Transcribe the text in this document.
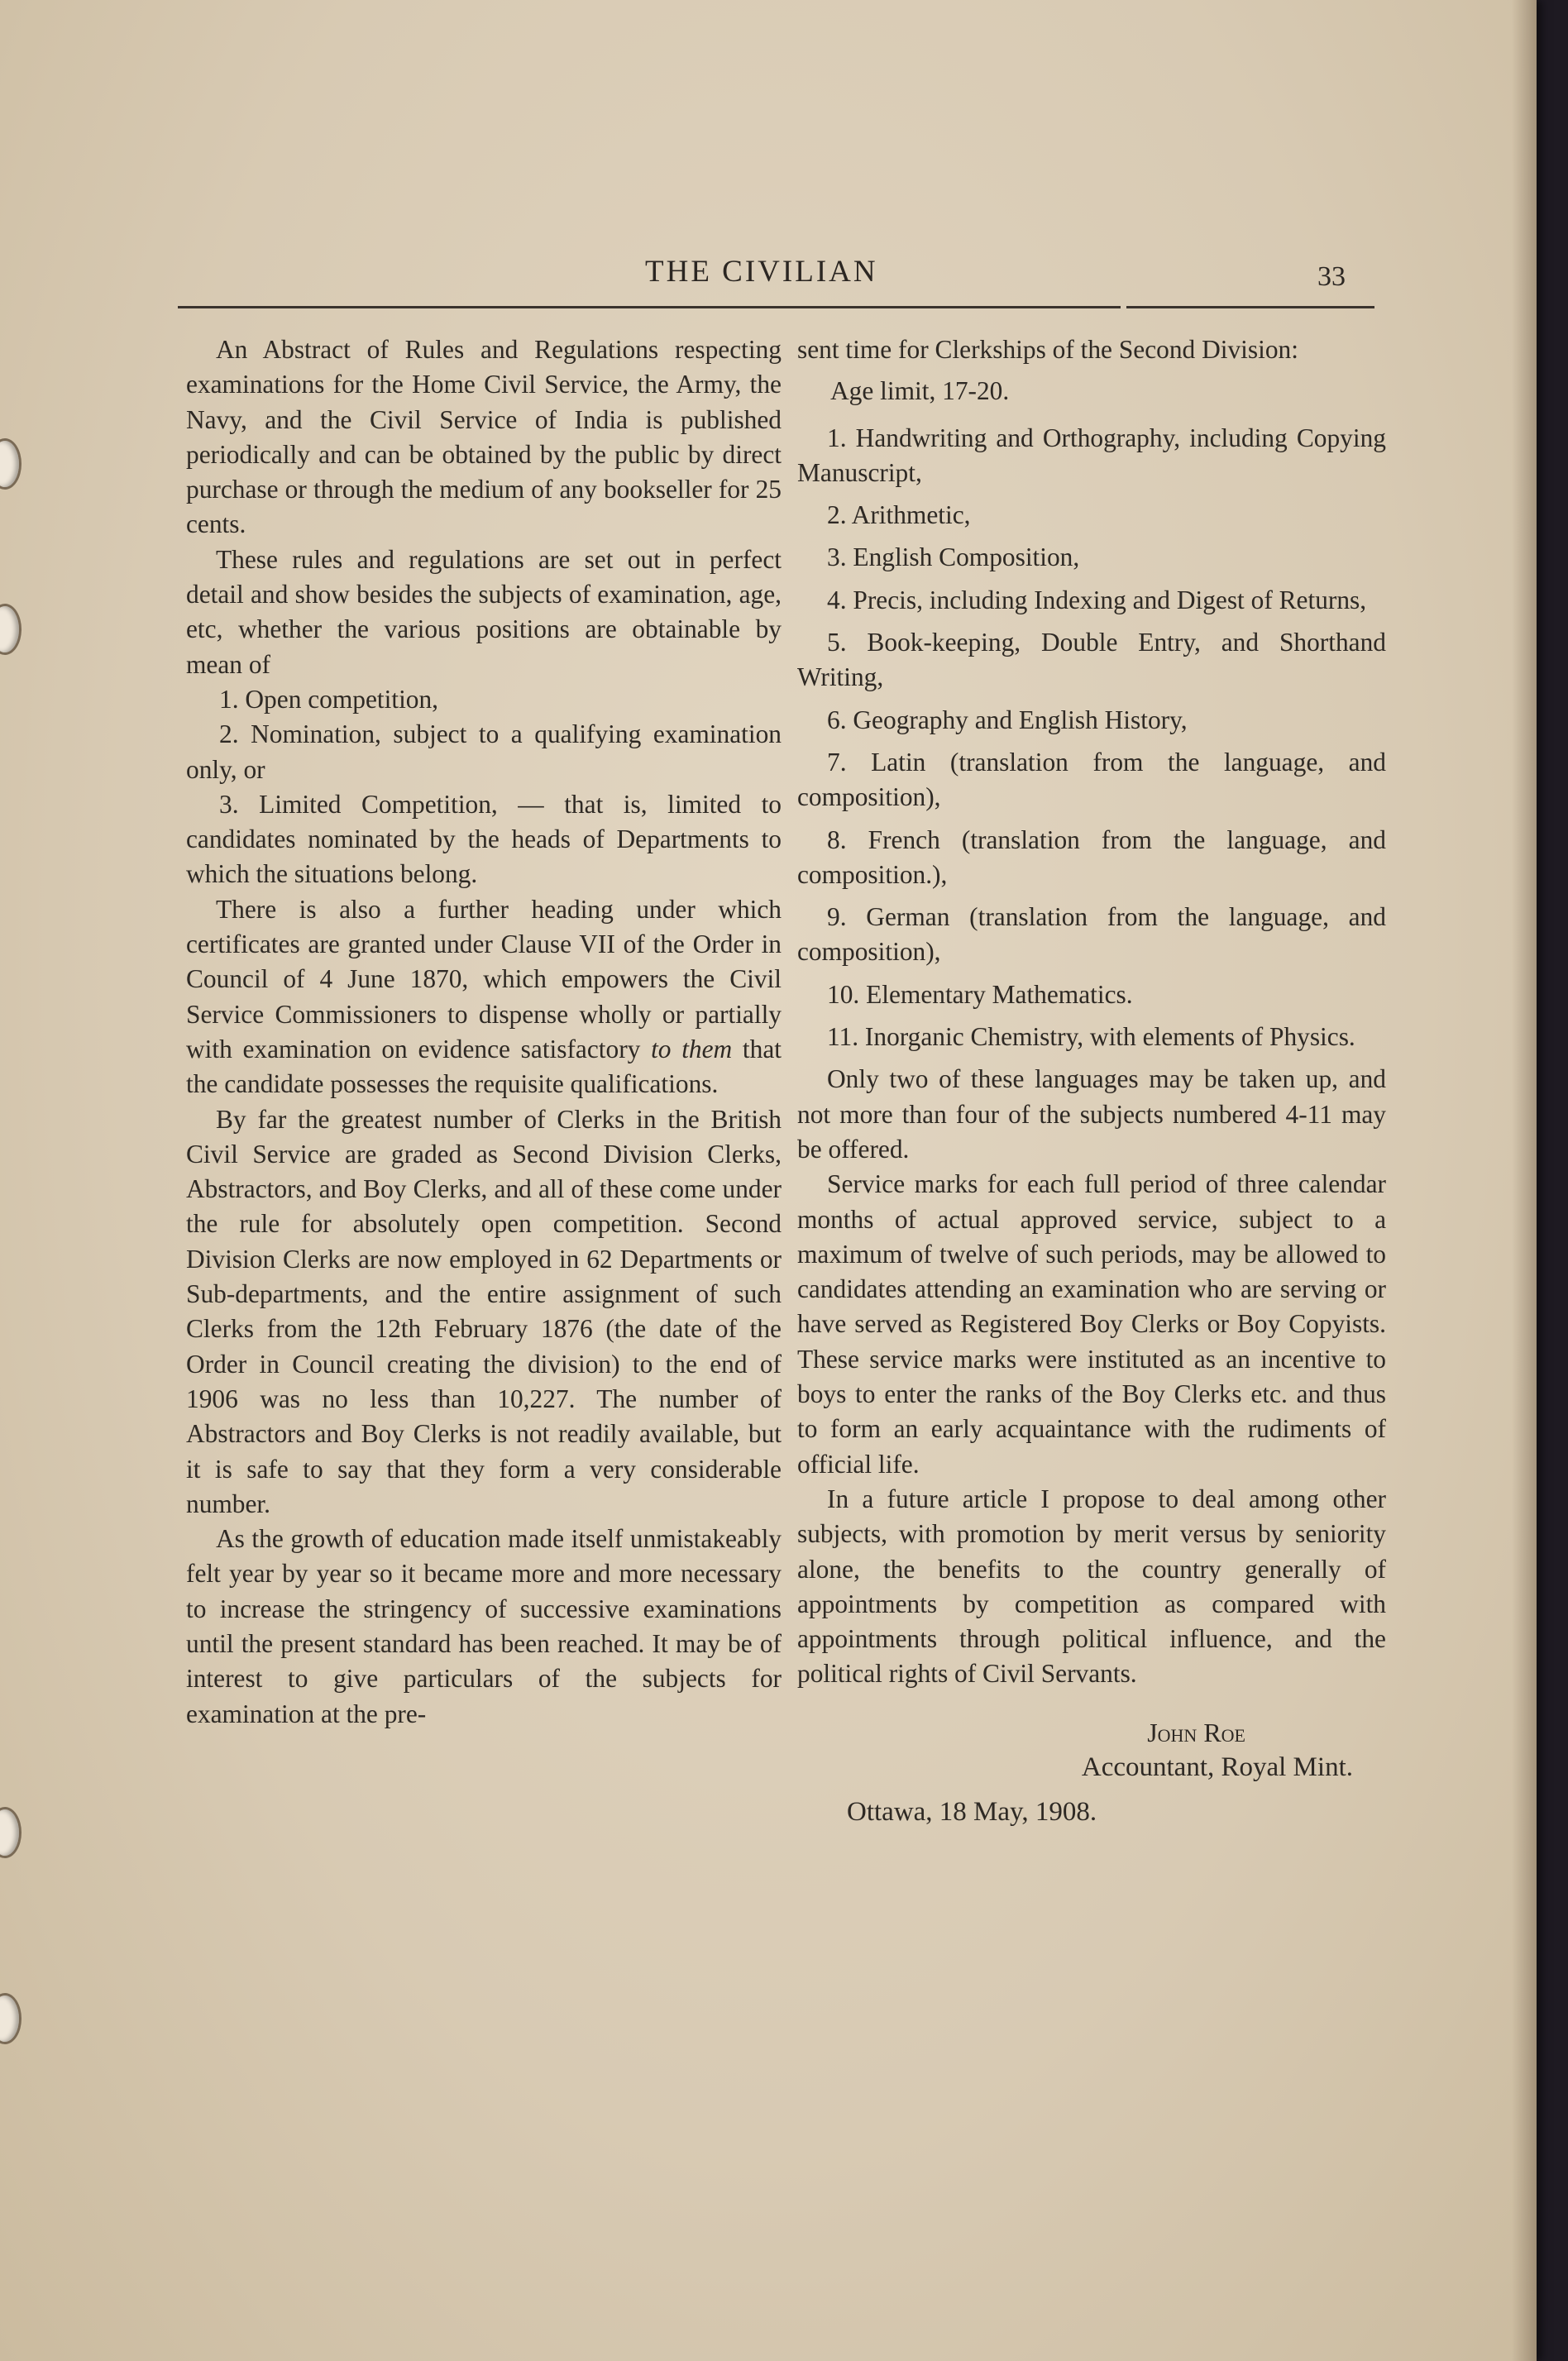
THE CIVILIAN	33

An Abstract of Rules and Regulations respecting examinations for the Home Civil Service, the Army, the Navy, and the Civil Service of India is published periodically and can be obtained by the public by direct purchase or through the medium of any bookseller for 25 cents.

These rules and regulations are set out in perfect detail and show besides the subjects of examination, age, etc, whether the various positions are obtainable by mean of

1. Open competition,

2. Nomination, subject to a qualifying examination only, or

3. Limited Competition, — that is, limited to candidates nominated by the heads of Departments to which the situations belong.

There is also a further heading under which certificates are granted under Clause VII of the Order in Council of 4 June 1870, which empowers the Civil Service Commissioners to dispense wholly or partially with examination on evidence satisfactory to them that the candidate possesses the requisite qualifications.

By far the greatest number of Clerks in the British Civil Service are graded as Second Division Clerks, Abstractors, and Boy Clerks, and all of these come under the rule for absolutely open competition. Second Division Clerks are now employed in 62 Departments or Sub-departments, and the entire assignment of such Clerks from the 12th February 1876 (the date of the Order in Council creating the division) to the end of 1906 was no less than 10,227. The number of Abstractors and Boy Clerks is not readily available, but it is safe to say that they form a very considerable number.

As the growth of education made itself unmistakeably felt year by year so it became more and more necessary to increase the stringency of successive examinations until the present standard has been reached. It may be of interest to give particulars of the subjects for examination at the pre-

sent time for Clerkships of the Second Division:

Age limit, 17-20.

1. Handwriting and Orthography, including Copying Manuscript,

2. Arithmetic,

3. English Composition,

4. Precis, including Indexing and Digest of Returns,

5. Book-keeping, Double Entry, and Shorthand Writing,

6. Geography and English History,

7. Latin (translation from the language, and composition),

8. French (translation from the language, and composition.),

9. German (translation from the language, and composition),

10. Elementary Mathematics.

11. Inorganic Chemistry, with elements of Physics.

Only two of these languages may be taken up, and not more than four of the subjects numbered 4-11 may be offered.

Service marks for each full period of three calendar months of actual approved service, subject to a maximum of twelve of such periods, may be allowed to candidates attending an examination who are serving or have served as Registered Boy Clerks or Boy Copyists. These service marks were instituted as an incentive to boys to enter the ranks of the Boy Clerks etc. and thus to form an early acquaintance with the rudiments of official life.

In a future article I propose to deal among other subjects, with promotion by merit versus by seniority alone, the benefits to the country generally of appointments by competition as compared with appointments through political influence, and the political rights of Civil Servants.

John Roe
Accountant, Royal Mint.
Ottawa, 18 May, 1908.
